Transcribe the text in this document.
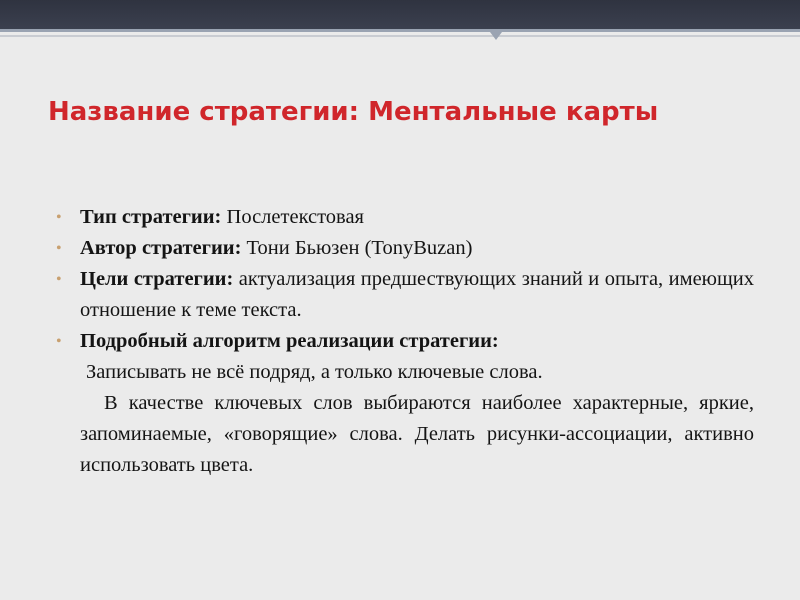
Название стратегии: Ментальные карты
• Тип стратегии: Послетекстовая
• Автор стратегии: Тони Бьюзен (TonyBuzan)
• Цели стратегии: актуализация предшествующих знаний и опыта, имеющих отношение к теме текста.
• Подробный алгоритм реализации стратегии:
Записывать не всё подряд, а только ключевые слова.
В качестве ключевых слов выбираются наиболее характерные, яркие, запоминаемые, «говорящие» слова. Делать рисунки-ассоциации, активно использовать цвета.
